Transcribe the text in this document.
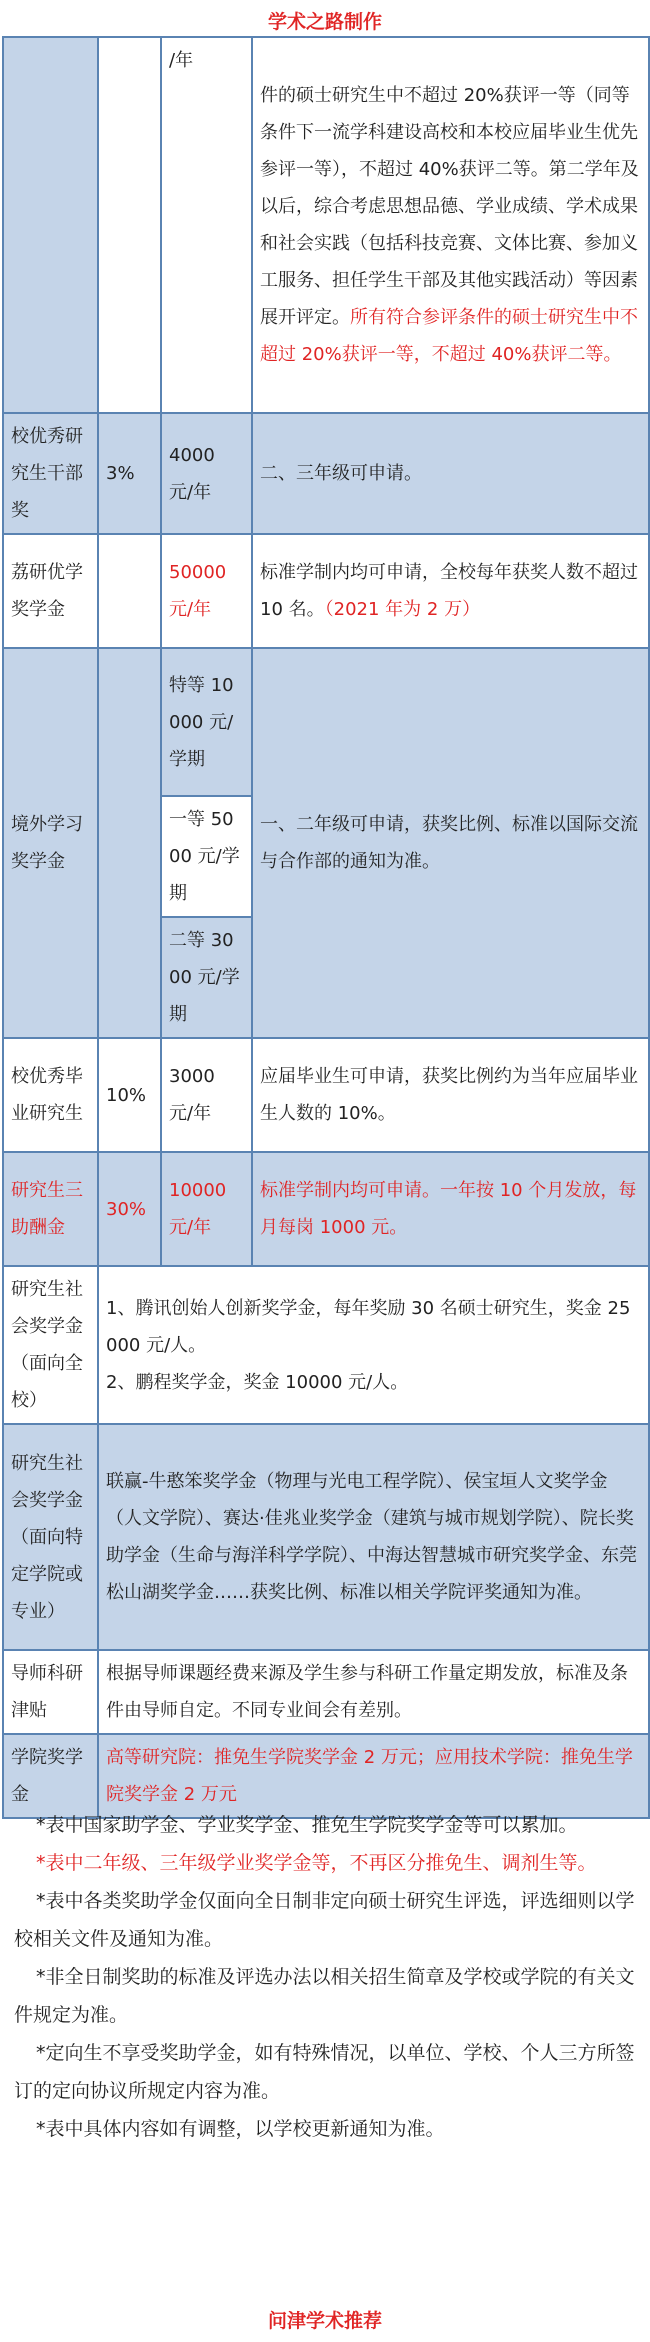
学术之路制作
		/年	件的硕士研究生中不超过 20%获评一等（同等条件下一流学科建设高校和本校应届毕业生优先参评一等），不超过 40%获评二等。第二学年及以后，综合考虑思想品德、学业成绩、学术成果和社会实践（包括科技竞赛、文体比赛、参加义工服务、担任学生干部及其他实践活动）等因素展开评定。所有符合参评条件的硕士研究生中不超过 20%获评一等，不超过 40%获评二等。
校优秀研究生干部奖	3%	4000 元/年	二、三年级可申请。
荔研优学奖学金		50000 元/年	标准学制内均可申请，全校每年获奖人数不超过 10 名。（2021 年为 2 万）
境外学习奖学金		特等 10000 元/学期	一、二年级可申请，获奖比例、标准以国际交流与合作部的通知为准。
		一等 5000 元/学期	
		二等 3000 元/学期	
校优秀毕业研究生	10%	3000 元/年	应届毕业生可申请，获奖比例约为当年应届毕业生人数的 10%。
研究生三助酬金	30%	10000 元/年	标准学制内均可申请。一年按 10 个月发放，每月每岗 1000 元。
研究生社会奖学金（面向全校）	1、腾讯创始人创新奖学金，每年奖励 30 名硕士研究生，奖金 25000 元/人。
2、鹏程奖学金，奖金 10000 元/人。		

研究生社会奖学金（面向特定学院或专业）	联赢-牛憨笨奖学金（物理与光电工程学院）、侯宝垣人文奖学金（人文学院）、赛达·佳兆业奖学金（建筑与城市规划学院）、院长奖助学金（生命与海洋科学学院）、中海达智慧城市研究奖学金、东莞松山湖奖学金……获奖比例、标准以相关学院评奖通知为准。		
导师科研津贴	根据导师课题经费来源及学生参与科研工作量定期发放，标准及条件由导师自定。不同专业间会有差别。		
学院奖学金	高等研究院：推免生学院奖学金 2 万元；应用技术学院：推免生学院奖学金 2 万元		

*表中国家助学金、学业奖学金、推免生学院奖学金等可以累加。

*表中二年级、三年级学业奖学金等，不再区分推免生、调剂生等。

*表中各类奖助学金仅面向全日制非定向硕士研究生评选，评选细则以学校相关文件及通知为准。

*非全日制奖助的标准及评选办法以相关招生简章及学校或学院的有关文件规定为准。

*定向生不享受奖助学金，如有特殊情况，以单位、学校、个人三方所签订的定向协议所规定内容为准。

*表中具体内容如有调整，以学校更新通知为准。

问津学术推荐
